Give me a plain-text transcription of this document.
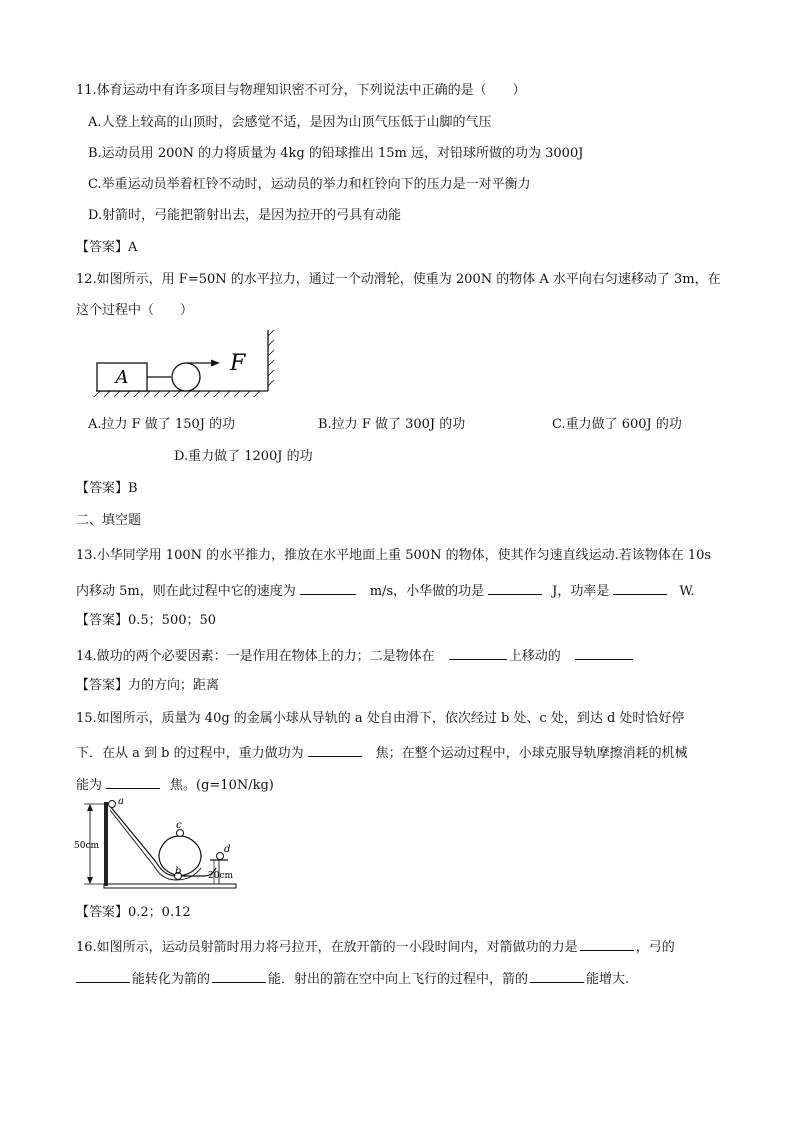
11.体育运动中有许多项目与物理知识密不可分，下列说法中正确的是（　　）
A.人登上较高的山顶时，会感觉不适，是因为山顶气压低于山脚的气压
B.运动员用 200N 的力将质量为 4kg 的铅球推出 15m 远，对铅球所做的功为 3000J
C.举重运动员举着杠铃不动时，运动员的举力和杠铃向下的压力是一对平衡力
D.射箭时，弓能把箭射出去，是因为拉开的弓具有动能
【答案】A
12.如图所示，用 F=50N 的水平拉力，通过一个动滑轮，使重为 200N 的物体 A 水平向右匀速移动了 3m，在
这个过程中（　　）
A
F
A.拉力 F 做了 150J 的功	B.拉力 F 做了 300J 的功	C.重力做了 600J 的功
D.重力做了 1200J 的功
【答案】B
二、填空题
13.小华同学用 100N 的水平推力，推放在水平地面上重 500N 的物体，使其作匀速直线运动.若该物体在 10s
内移动 5m，则在此过程中它的速度为	m/s，小华做的功是	J，功率是	W.
【答案】0.5；500；50
14.做功的两个必要因素：一是作用在物体上的力；二是物体在	上移动的
【答案】力的方向；距离
15.如图所示，质量为 40g 的金属小球从导轨的 a 处自由滑下，依次经过 b 处、c 处，到达 d 处时恰好停
下．在从 a 到 b 的过程中，重力做功为	焦；在整个运动过程中，小球克服导轨摩擦消耗的机械
能为	焦。(g=10N/kg)
50cm
20cm
a
c
b
d
【答案】0.2；0.12
16.如图所示，运动员射箭时用力将弓拉开，在放开箭的一小段时间内，对箭做功的力是	，弓的
能转化为箭的	能．射出的箭在空中向上飞行的过程中，箭的	能增大.
